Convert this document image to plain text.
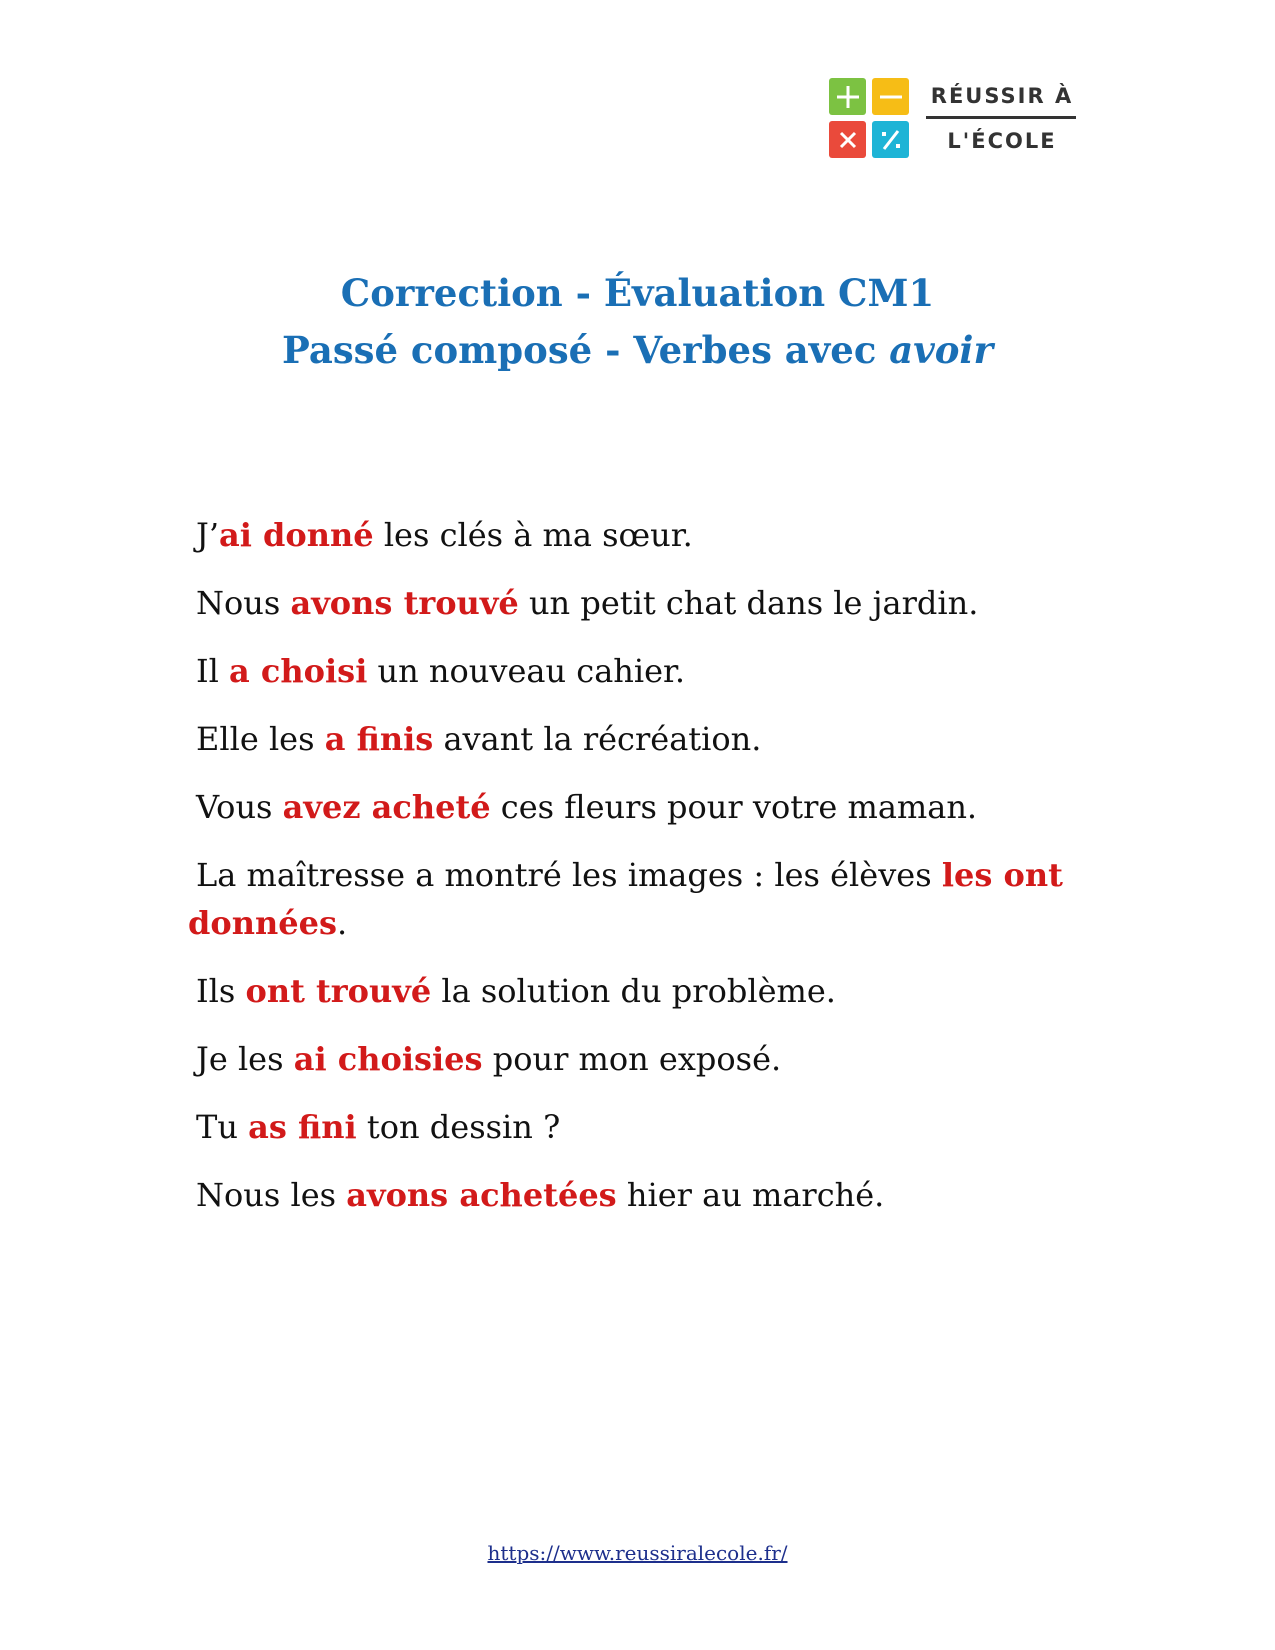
RÉUSSIR À
L'ÉCOLE
Correction - Évaluation CM1
Passé composé - Verbes avec avoir
J’ai donné les clés à ma sœur.
Nous avons trouvé un petit chat dans le jardin.
Il a choisi un nouveau cahier.
Elle les a finis avant la récréation.
Vous avez acheté ces fleurs pour votre maman.
La maîtresse a montré les images : les élèves les ont
données.
Ils ont trouvé la solution du problème.
Je les ai choisies pour mon exposé.
Tu as fini ton dessin ?
Nous les avons achetées hier au marché.
https://www.reussiralecole.fr/
